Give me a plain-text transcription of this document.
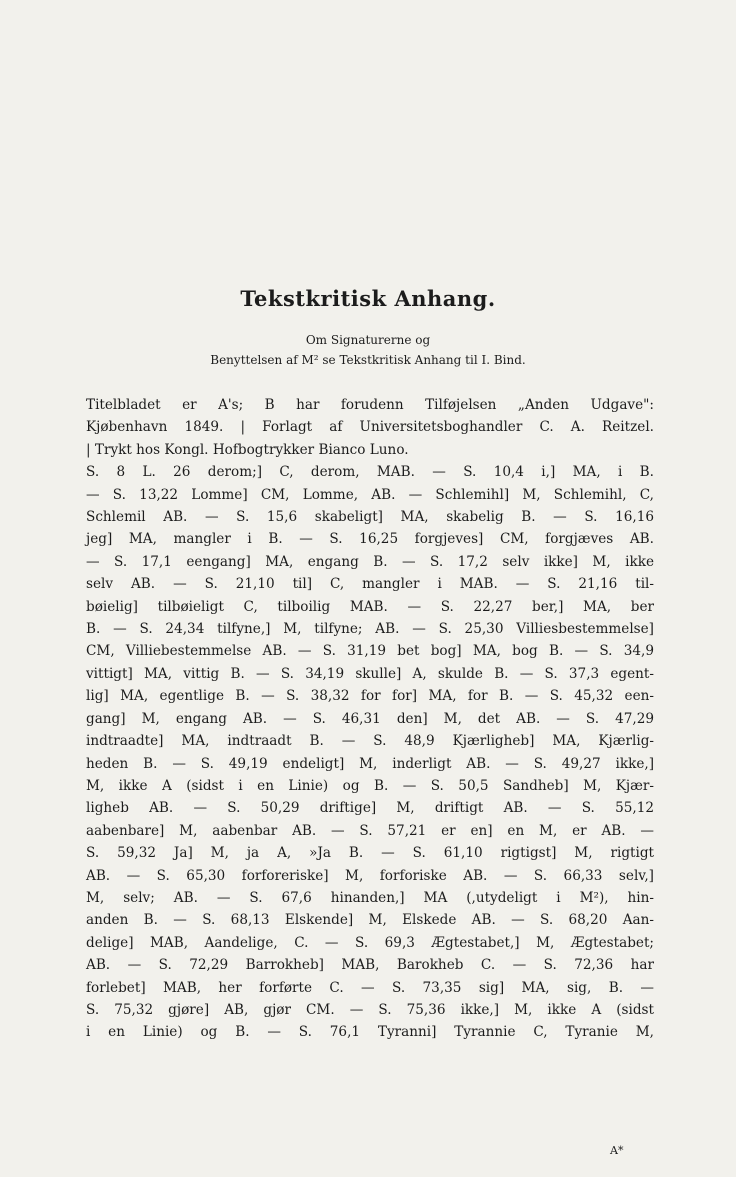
Tekstkritisk Anhang.
Om Signaturerne og
Benyttelsen af M² se Tekstkritisk Anhang til I. Bind.
Titelbladet er A's; B har forudenn Tilføjelsen „Anden Udgave":
Kjøbenhavn 1849. | Forlagt af Universitetsboghandler C. A. Reitzel.
| Trykt hos Kongl. Hofbogtrykker Bianco Luno.
S. 8 L. 26 derom;] C, derom, MAB. — S. 10,4 i,] MA, i B.
— S. 13,22 Lomme] CM, Lomme, AB. — Schlemihl] M, Schlemihl, C,
Schlemil AB. — S. 15,6 skabeligt] MA, skabelig B. — S. 16,16
jeg] MA, mangler i B. — S. 16,25 forgjeves] CM, forgjæves AB.
— S. 17,1 eengang] MA, engang B. — S. 17,2 selv ikke] M, ikke
selv AB. — S. 21,10 til] C, mangler i MAB. — S. 21,16 til-
bøielig] tilbøieligt C, tilboilig MAB. — S. 22,27 ber,] MA, ber
B. — S. 24,34 tilfyne,] M, tilfyne; AB. — S. 25,30 Villiesbestemmelse]
CM, Villiebestemmelse AB. — S. 31,19 bet bog] MA, bog B. — S. 34,9
vittigt] MA, vittig B. — S. 34,19 skulle] A, skulde B. — S. 37,3 egent-
lig] MA, egentlige B. — S. 38,32 for for] MA, for B. — S. 45,32 een-
gang] M, engang AB. — S. 46,31 den] M, det AB. — S. 47,29
indtraadte] MA, indtraadt B. — S. 48,9 Kjærligheb] MA, Kjærlig-
heden B. — S. 49,19 endeligt] M, inderligt AB. — S. 49,27 ikke,]
M, ikke A (sidst i en Linie) og B. — S. 50,5 Sandheb] M, Kjær-
ligheb AB. — S. 50,29 driftige] M, driftigt AB. — S. 55,12
aabenbare] M, aabenbar AB. — S. 57,21 er en] en M, er AB. —
S. 59,32 Ja] M, ja A, »Ja B. — S. 61,10 rigtigst] M, rigtigt
AB. — S. 65,30 forforeriske] M, forforiske AB. — S. 66,33 selv,]
M, selv; AB. — S. 67,6 hinanden,] MA (,utydeligt i M²), hin-
anden B. — S. 68,13 Elskende] M, Elskede AB. — S. 68,20 Aan-
delige] MAB, Aandelige, C. — S. 69,3 Ægtestabet,] M, Ægtestabet;
AB. — S. 72,29 Barrokheb] MAB, Barokheb C. — S. 72,36 har
forlebet] MAB, her forførte C. — S. 73,35 sig] MA, sig, B. —
S. 75,32 gjøre] AB, gjør CM. — S. 75,36 ikke,] M, ikke A (sidst
i en Linie) og B. — S. 76,1 Tyranni] Tyrannie C, Tyranie M,
A*
